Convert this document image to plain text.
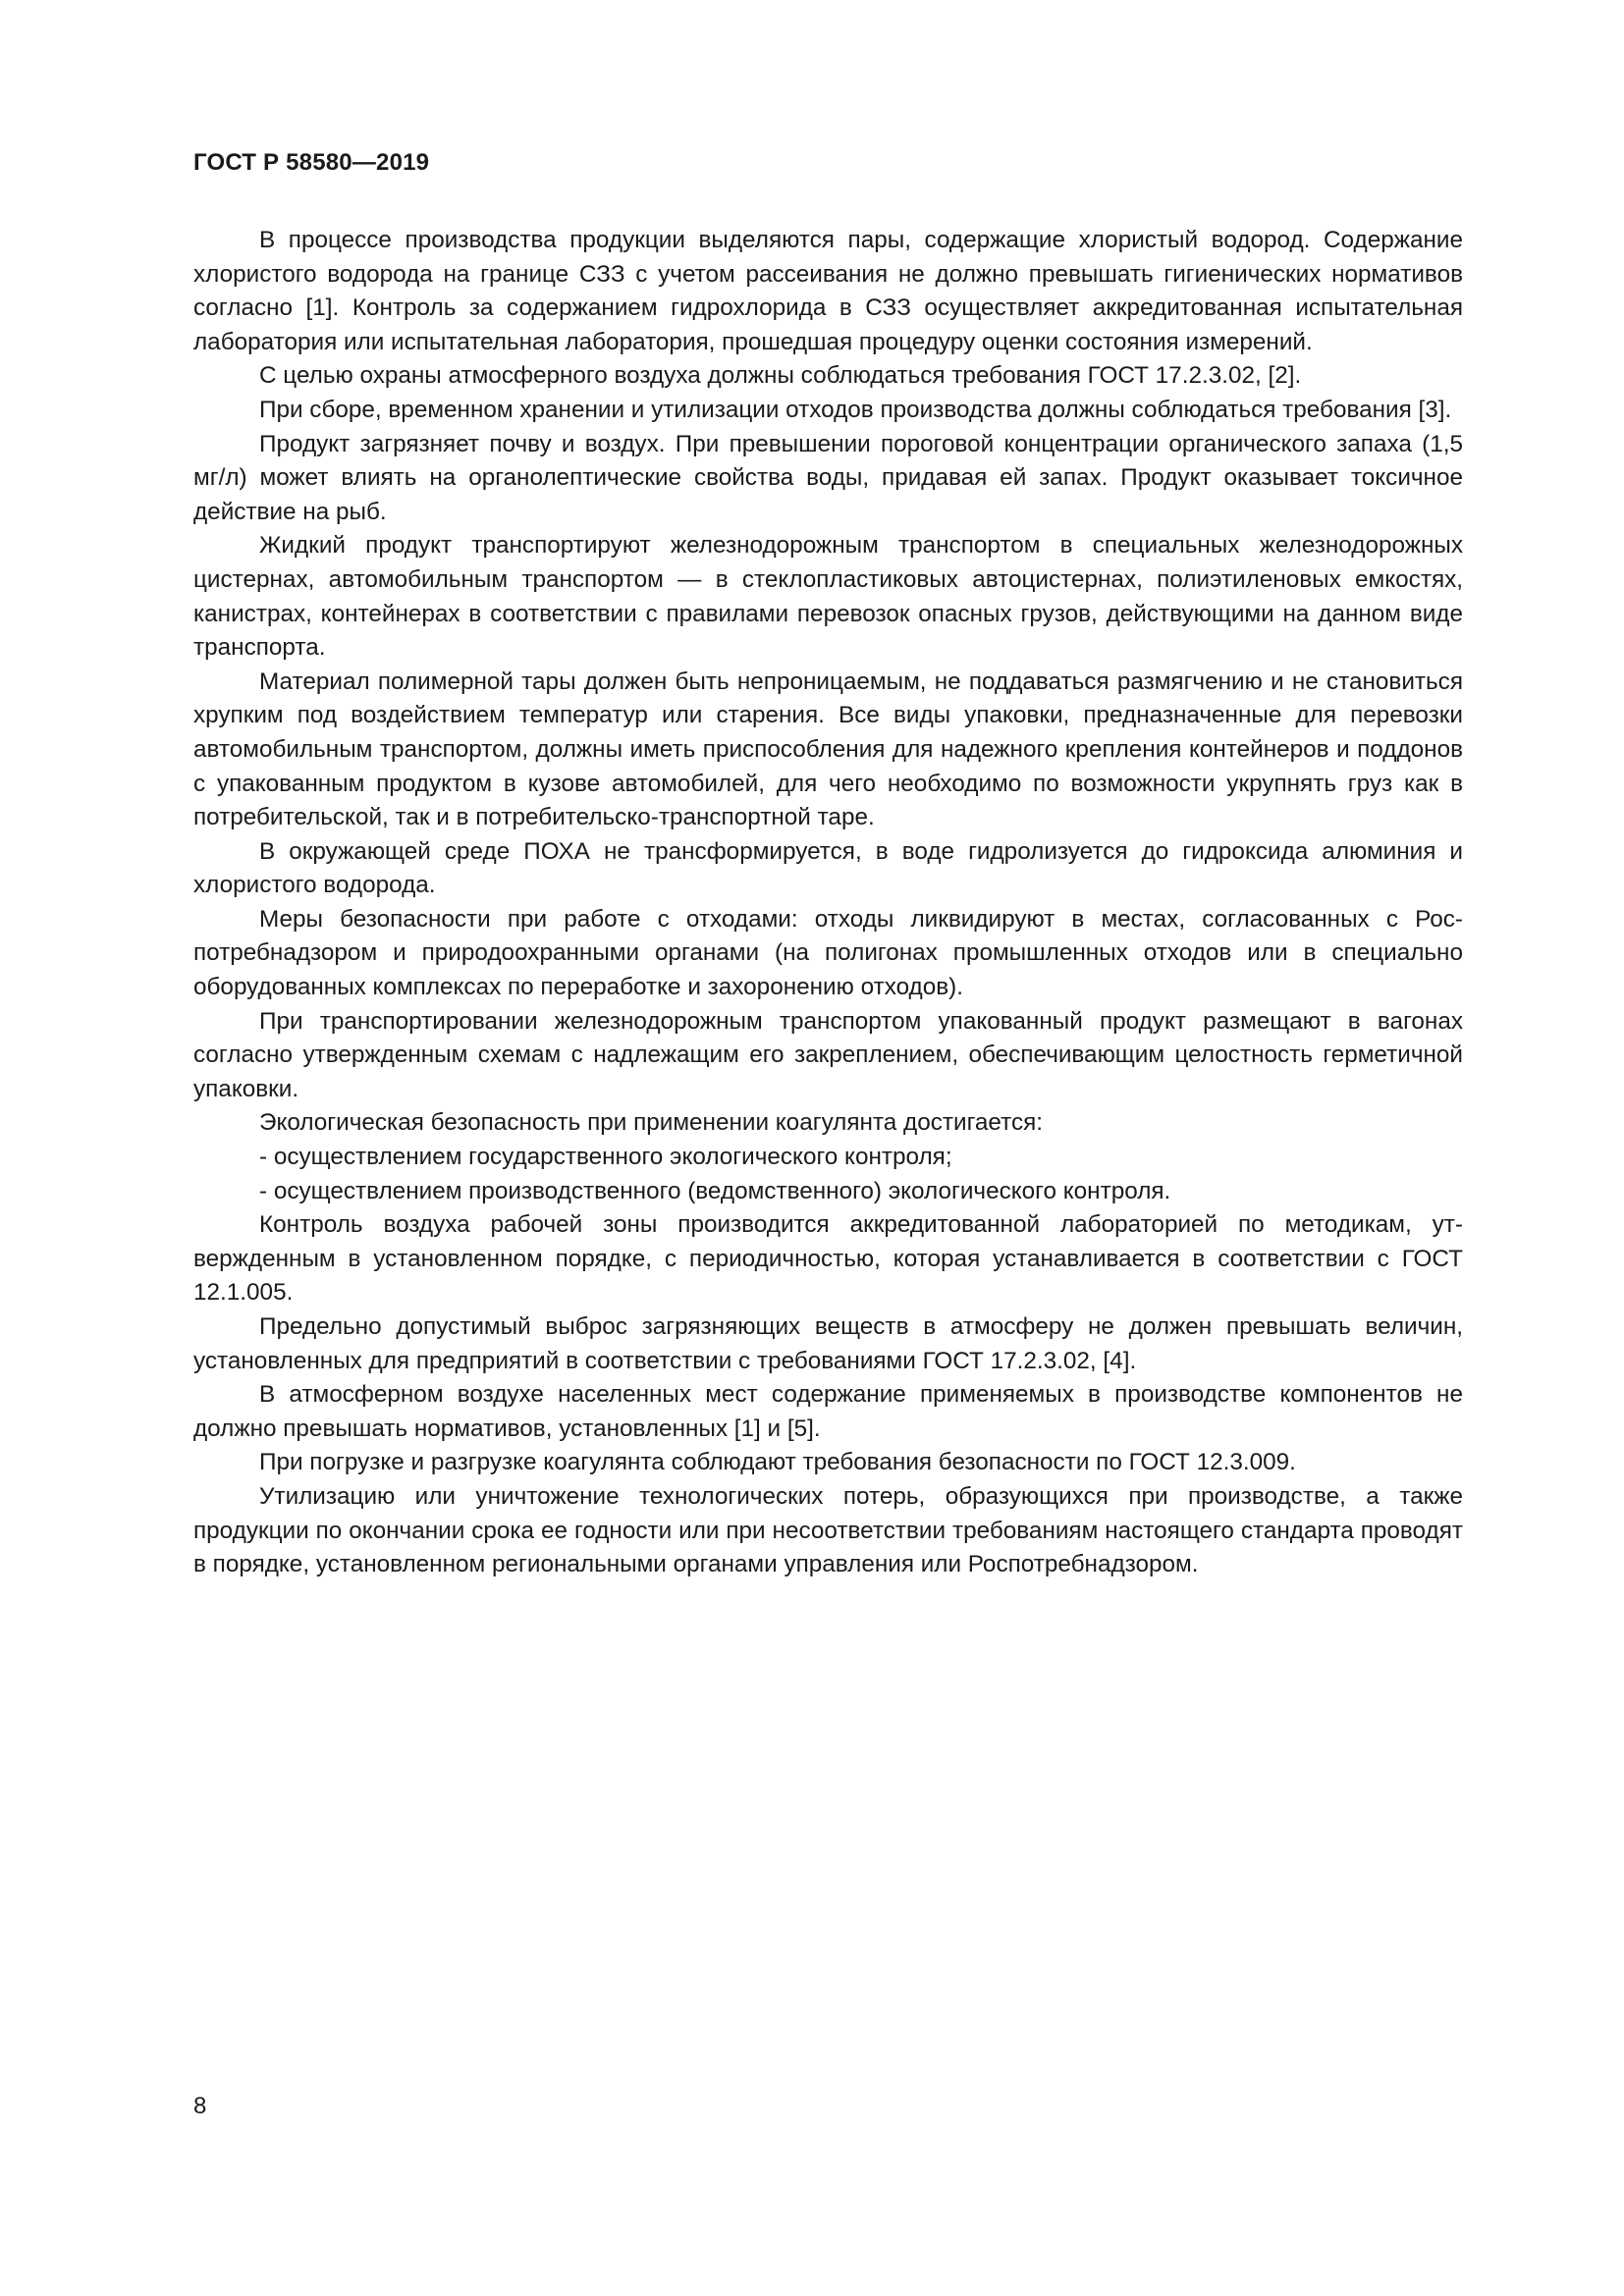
ГОСТ Р 58580—2019

В процессе производства продукции выделяются пары, содержащие хлористый водород. Содержание хлористого водорода на границе СЗЗ с учетом рассеивания не должно превышать гигиенических нормативов согласно [1]. Контроль за содержанием гидрохлорида в СЗЗ осуществляет аккредитованная испытательная лаборатория или испытательная лаборатория, прошедшая процедуру оценки состояния измерений.

С целью охраны атмосферного воздуха должны соблюдаться требования ГОСТ 17.2.3.02, [2].

При сборе, временном хранении и утилизации отходов производства должны соблюдаться требования [3].

Продукт загрязняет почву и воздух. При превышении пороговой концентрации органического запаха (1,5 мг/л) может влиять на органолептические свойства воды, придавая ей запах. Продукт оказывает токсичное действие на рыб.

Жидкий продукт транспортируют железнодорожным транспортом в специальных железнодорожных цистернах, автомобильным транспортом — в стеклопластиковых автоцистернах, полиэтиленовых емкостях, канистрах, контейнерах в соответствии с правилами перевозок опасных грузов, действующими на данном виде транспорта.

Материал полимерной тары должен быть непроницаемым, не поддаваться размягчению и не становиться хрупким под воздействием температур или старения. Все виды упаковки, предназначенные для перевозки автомобильным транспортом, должны иметь приспособления для надежного крепления контейнеров и поддонов с упакованным продуктом в кузове автомобилей, для чего необходимо по возможности укрупнять груз как в потребительской, так и в потребительско-транспортной таре.

В окружающей среде ПОХА не трансформируется, в воде гидролизуется до гидроксида алюминия и хлористого водорода.

Меры безопасности при работе с отходами: отходы ликвидируют в местах, согласованных с Роспотребнадзором и природоохранными органами (на полигонах промышленных отходов или в специально оборудованных комплексах по переработке и захоронению отходов).

При транспортировании железнодорожным транспортом упакованный продукт размещают в вагонах согласно утвержденным схемам с надлежащим его закреплением, обеспечивающим целостность герметичной упаковки.

Экологическая безопасность при применении коагулянта достигается:

- осуществлением государственного экологического контроля;

- осуществлением производственного (ведомственного) экологического контроля.

Контроль воздуха рабочей зоны производится аккредитованной лабораторией по методикам, утвержденным в установленном порядке, с периодичностью, которая устанавливается в соответствии с ГОСТ 12.1.005.

Предельно допустимый выброс загрязняющих веществ в атмосферу не должен превышать величин, установленных для предприятий в соответствии с требованиями ГОСТ 17.2.3.02, [4].

В атмосферном воздухе населенных мест содержание применяемых в производстве компонентов не должно превышать нормативов, установленных [1] и [5].

При погрузке и разгрузке коагулянта соблюдают требования безопасности по ГОСТ 12.3.009.

Утилизацию или уничтожение технологических потерь, образующихся при производстве, а также продукции по окончании срока ее годности или при несоответствии требованиям настоящего стандарта проводят в порядке, установленном региональными органами управления или Роспотребнадзором.

8
